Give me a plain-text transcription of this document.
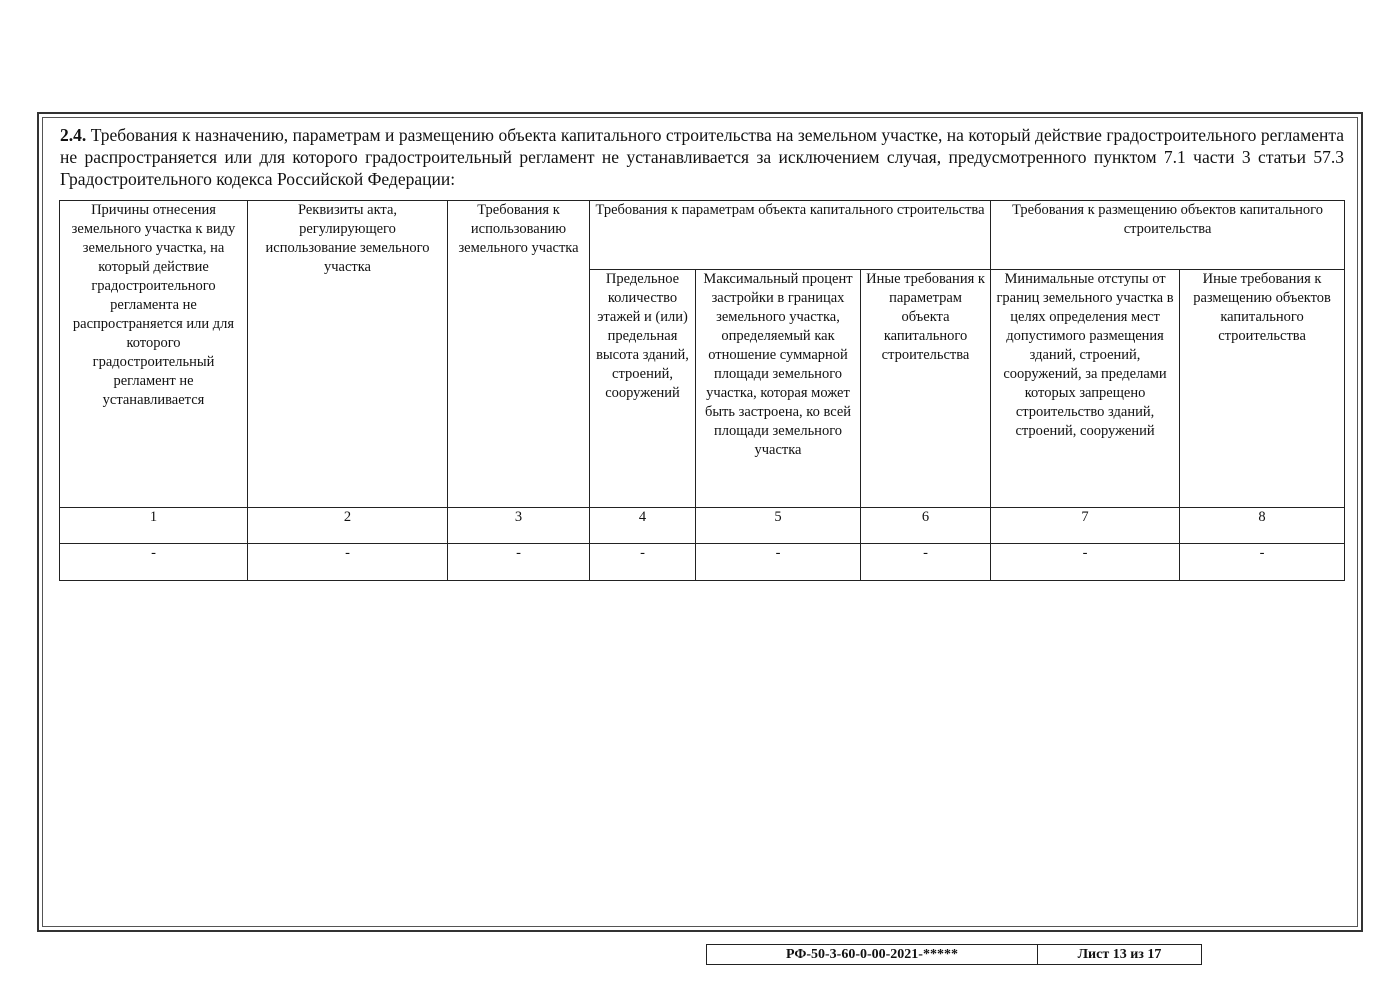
2.4. Требования к назначению, параметрам и размещению объекта капитального строительства на земельном участке, на который действие градостроительного регламента не распространяется или для которого градостроительный регламент не устанавливается за исключением случая, предусмотренного пунктом 7.1 части 3 статьи 57.3 Градостроительного кодекса Российской Федерации:
Причины отнесения земельного участка к виду земельного участка, на который действие градостроительного регламента не распространяется или для которого градостроительный регламент не устанавливается	Реквизиты акта, регулирующего использование земельного участка	Требования к использованию земельного участка	Требования к параметрам объекта капитального строительства			Требования к размещению объектов капитального строительства	
			Предельное количество этажей и (или) предельная высота зданий, строений, сооружений	Максимальный процент застройки в границах земельного участка, определяемый как отношение суммарной площади земельного участка, которая может быть застроена, ко всей площади земельного участка	Иные требования к параметрам объекта капитального строительства	Минимальные отступы от границ земельного участка в целях определения мест допустимого размещения зданий, строений, сооружений, за пределами которых запрещено строительство зданий, строений, сооружений	Иные требования к размещению объектов капитального строительства
1	2	3	4	5	6	7	8
-	-	-	-	-	-	-	-
РФ-50-3-60-0-00-2021-*****	Лист 13 из 17
